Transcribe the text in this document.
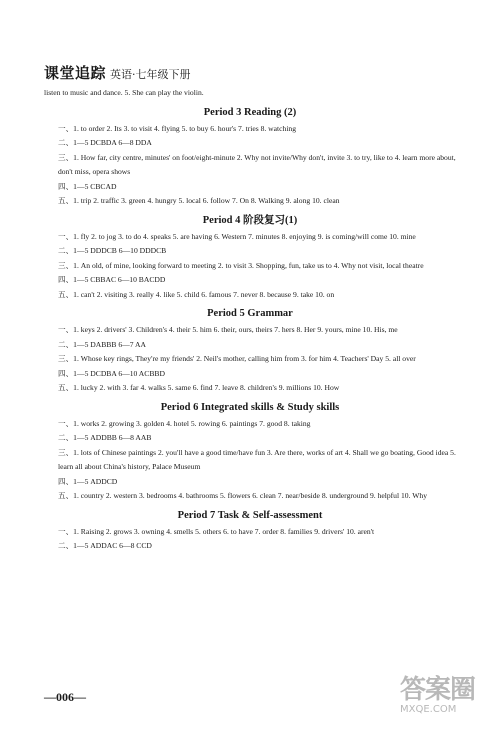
课堂追踪 英语·七年级下册

listen to music and dance. 5. She can play the violin.

Period 3 Reading (2)

一、1. to order 2. Its 3. to visit 4. flying 5. to buy 6. hour's 7. tries 8. watching

二、1—5 DCBDA 6—8 DDA

三、1. How far, city centre, minutes' on foot/eight-minute 2. Why not invite/Why don't, invite 3. to try, like to 4. learn more about, don't miss, opera shows

四、1—5 CBCAD

五、1. trip 2. traffic 3. green 4. hungry 5. local 6. follow 7. On 8. Walking 9. along 10. clean

Period 4 阶段复习(1)

一、1. fly 2. to jog 3. to do 4. speaks 5. are having 6. Western 7. minutes 8. enjoying 9. is coming/will come 10. mine

二、1—5 DDDCB 6—10 DDDCB

三、1. An old, of mine, looking forward to meeting 2. to visit 3. Shopping, fun, take us to 4. Why not visit, local theatre

四、1—5 CBBAC 6—10 BACDD

五、1. can't 2. visiting 3. really 4. like 5. child 6. famous 7. never 8. because 9. take 10. on

Period 5 Grammar

一、1. keys 2. drivers' 3. Children's 4. their 5. him 6. their, ours, theirs 7. hers 8. Her 9. yours, mine 10. His, me

二、1—5 DABBB 6—7 AA

三、1. Whose key rings, They're my friends' 2. Neil's mother, calling him from 3. for him 4. Teachers' Day 5. all over

四、1—5 DCDBA 6—10 ACBBD

五、1. lucky 2. with 3. far 4. walks 5. same 6. find 7. leave 8. children's 9. millions 10. How

Period 6 Integrated skills & Study skills

一、1. works 2. growing 3. golden 4. hotel 5. rowing 6. paintings 7. good 8. taking

二、1—5 ADDBB 6—8 AAB

三、1. lots of Chinese paintings 2. you'll have a good time/have fun 3. Are there, works of art 4. Shall we go boating, Good idea 5. learn all about China's history, Palace Museum

四、1—5 ADDCD

五、1. country 2. western 3. bedrooms 4. bathrooms 5. flowers 6. clean 7. near/beside 8. underground 9. helpful 10. Why

Period 7 Task & Self-assessment

一、1. Raising 2. grows 3. owning 4. smells 5. others 6. to have 7. order 8. families 9. drivers' 10. aren't

二、1—5 ADDAC 6—8 CCD

—006—	答案圈
MXQE.COM
